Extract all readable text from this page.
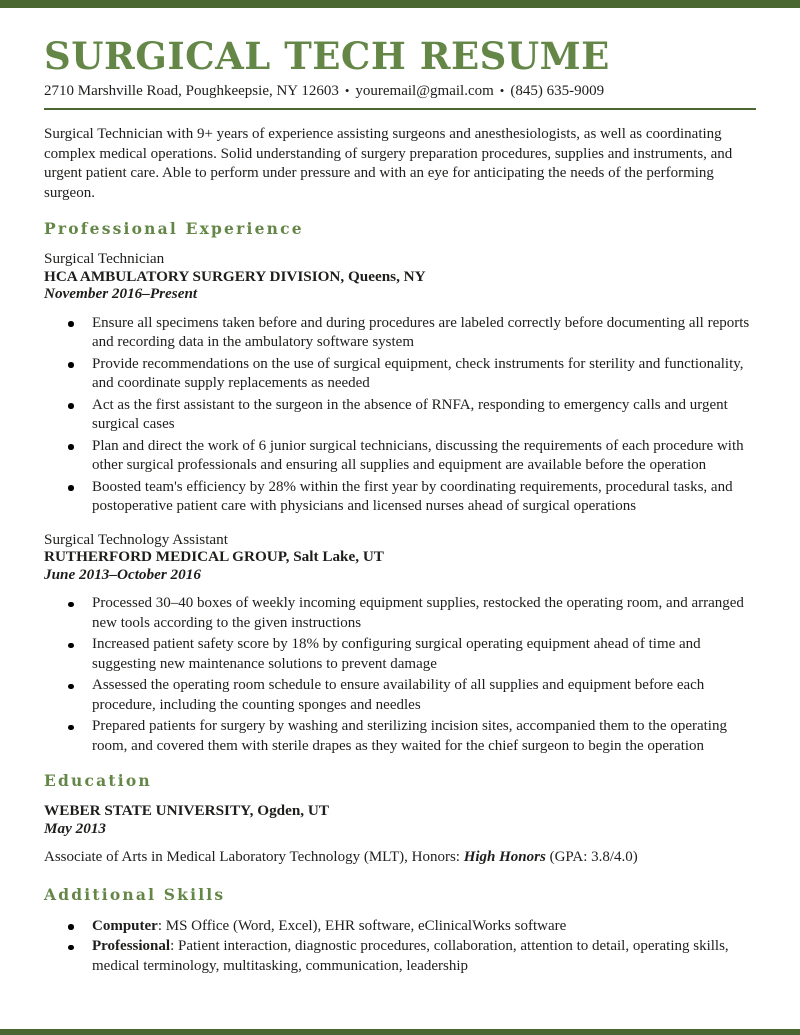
SURGICAL TECH RESUME
2710 Marshville Road, Poughkeepsie, NY 12603 • youremail@gmail.com • (845) 635-9009

Surgical Technician with 9+ years of experience assisting surgeons and anesthesiologists, as well as coordinating complex medical operations. Solid understanding of surgery preparation procedures, supplies and instruments, and urgent patient care. Able to perform under pressure and with an eye for anticipating the needs of the performing surgeon.

Professional Experience
Surgical Technician
HCA AMBULATORY SURGERY DIVISION, Queens, NY
November 2016–Present
Ensure all specimens taken before and during procedures are labeled correctly before documenting all reports and recording data in the ambulatory software system
Provide recommendations on the use of surgical equipment, check instruments for sterility and functionality, and coordinate supply replacements as needed
Act as the first assistant to the surgeon in the absence of RNFA, responding to emergency calls and urgent surgical cases
Plan and direct the work of 6 junior surgical technicians, discussing the requirements of each procedure with other surgical professionals and ensuring all supplies and equipment are available before the operation
Boosted team's efficiency by 28% within the first year by coordinating requirements, procedural tasks, and postoperative patient care with physicians and licensed nurses ahead of surgical operations
Surgical Technology Assistant
RUTHERFORD MEDICAL GROUP, Salt Lake, UT
June 2013–October 2016
Processed 30–40 boxes of weekly incoming equipment supplies, restocked the operating room, and arranged new tools according to the given instructions
Increased patient safety score by 18% by configuring surgical operating equipment ahead of time and suggesting new maintenance solutions to prevent damage
Assessed the operating room schedule to ensure availability of all supplies and equipment before each procedure, including the counting sponges and needles
Prepared patients for surgery by washing and sterilizing incision sites, accompanied them to the operating room, and covered them with sterile drapes as they waited for the chief surgeon to begin the operation
Education
WEBER STATE UNIVERSITY, Ogden, UT
May 2013

Associate of Arts in Medical Laboratory Technology (MLT), Honors: High Honors (GPA: 3.8/4.0)

Additional Skills
Computer: MS Office (Word, Excel), EHR software, eClinicalWorks software
Professional: Patient interaction, diagnostic procedures, collaboration, attention to detail, operating skills, medical terminology, multitasking, communication, leadership
